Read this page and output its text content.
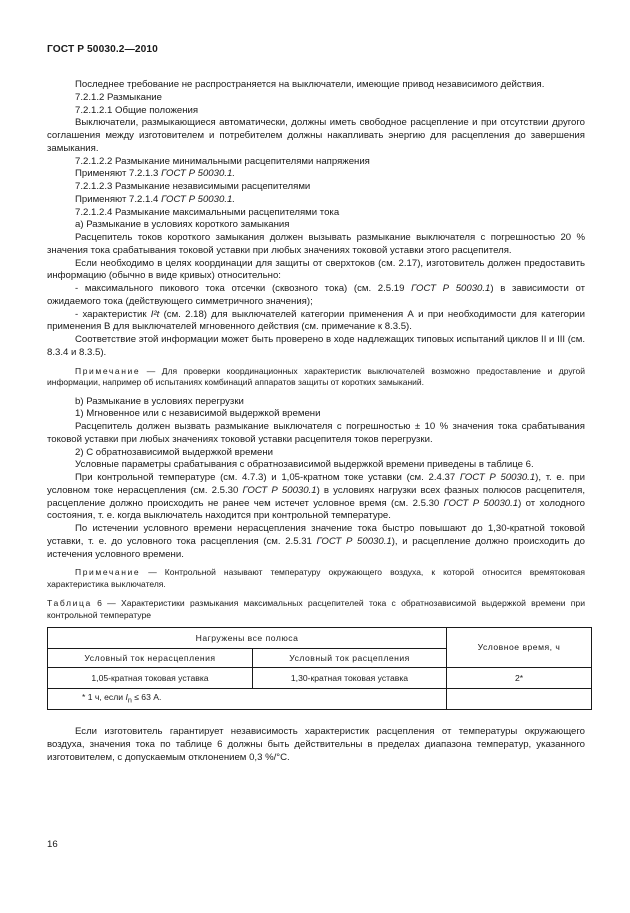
ГОСТ Р 50030.2—2010

Последнее требование не распространяется на выключатели, имеющие привод независимого действия.

7.2.1.2 Размыкание

7.2.1.2.1 Общие положения

Выключатели, размыкающиеся автоматически, должны иметь свободное расцепление и при отсутствии другого соглашения между изготовителем и потребителем должны накапливать энергию для расцепления до завершения замыкания.

7.2.1.2.2 Размыкание минимальными расцепителями напряжения

Применяют 7.2.1.3 ГОСТ Р 50030.1.

7.2.1.2.3 Размыкание независимыми расцепителями

Применяют 7.2.1.4 ГОСТ Р 50030.1.

7.2.1.2.4 Размыкание максимальными расцепителями тока

а) Размыкание в условиях короткого замыкания

Расцепитель токов короткого замыкания должен вызывать размыкание выключателя с погрешностью 20 % значения тока срабатывания токовой уставки при любых значениях токовой уставки этого расцепителя.

Если необходимо в целях координации для защиты от сверхтоков (см. 2.17), изготовитель должен предоставить информацию (обычно в виде кривых) относительно:

- максимального пикового тока отсечки (сквозного тока) (см. 2.5.19 ГОСТ Р 50030.1) в зависимости от ожидаемого тока (действующего симметричного значения);

- характеристик I²t (см. 2.18) для выключателей категории применения А и при необходимости для категории применения В для выключателей мгновенного действия (см. примечание к 8.3.5).

Соответствие этой информации может быть проверено в ходе надлежащих типовых испытаний циклов II и III (см. 8.3.4 и 8.3.5).

Примечание — Для проверки координационных характеристик выключателей возможно предоставление и другой информации, например об испытаниях комбинаций аппаратов защиты от коротких замыканий.

b) Размыкание в условиях перегрузки

1) Мгновенное или с независимой выдержкой времени

Расцепитель должен вызвать размыкание выключателя с погрешностью ± 10 % значения тока срабатывания токовой уставки при любых значениях токовой уставки расцепителя токов перегрузки.

2) С обратнозависимой выдержкой времени

Условные параметры срабатывания с обратнозависимой выдержкой времени приведены в таблице 6.

При контрольной температуре (см. 4.7.3) и 1,05-кратном токе уставки (см. 2.4.37 ГОСТ Р 50030.1), т. е. при условном токе нерасцепления (см. 2.5.30 ГОСТ Р 50030.1) в условиях нагрузки всех фазных полюсов расцепителя, расцепление должно происходить не ранее чем истечет условное время (см. 2.5.30 ГОСТ Р 50030.1) от холодного состояния, т. е. когда выключатель находится при контрольной температуре.

По истечении условного времени нерасцепления значение тока быстро повышают до 1,30-кратной токовой уставки, т. е. до условного тока расцепления (см. 2.5.31 ГОСТ Р 50030.1), и расцепление должно происходить до истечения условного времени.

Примечание — Контрольной называют температуру окружающего воздуха, к которой относится времятоковая характеристика выключателя.

Таблица 6 — Характеристики размыкания максимальных расцепителей тока с обратнозависимой выдержкой времени при контрольной температуре

Нагружены все полюса		Условное время, ч
Условный ток нерасцепления	Условный ток расцепления	
1,05-кратная токовая уставка	1,30-кратная токовая уставка	2*
* 1 ч, если $I_n \le 63$ А.		

Если изготовитель гарантирует независимость характеристик расцепления от температуры окружающего воздуха, значения тока по таблице 6 должны быть действительны в пределах диапазона температур, указанного изготовителем, с допускаемым отклонением 0,3 %/°С.

16
